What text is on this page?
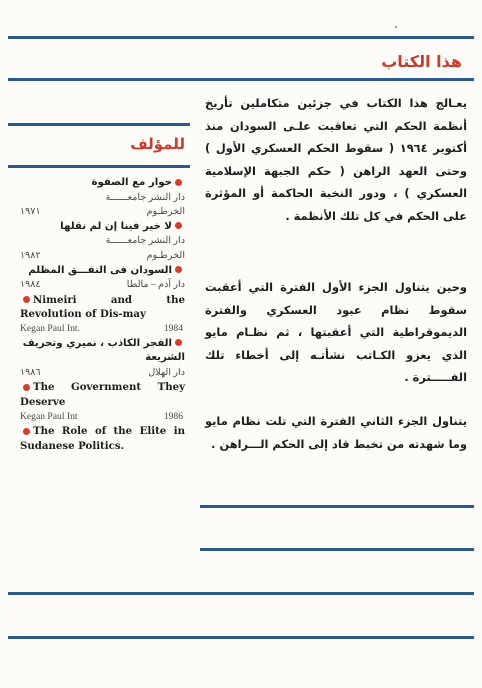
هذا الكتاب

يعـالج هذا الكتاب في جزئين متكاملين تأريخ أنظمة الحكم التي تعاقبت علـى السودان منذ أكتوبر ١٩٦٤ ( سقوط الحكم العسكري الأول ) وحتى العهد الراهن ( حكم الجبهة الإسلامية العسكري ) ، ودور النخبة الحاكمة أو المؤثرة على الحكم في كل تلك الأنظمة .

وحين يتناول الجزء الأول الفترة التي أعقبت سقوط نظام عبود العسكري والفترة الديموقراطية التي أعقبتها ، ثم نظـام مايو الذي يعزو الكـاتب نشأتـه إلى أخطاء تلك الفـــــترة .

يتناول الجزء الثاني الفترة التي تلت نظام مايو وما شهدته من تخبط قاد إلى الحكم الـــراهن .

للمؤلف
حوار مع الصفوة
دار النشر جامعــــــة
الخرطـوم
١٩٧١
لا خير فينا إن لم نقلها
دار النشر جامعــــــة
الخرطـوم
١٩٨٢
السودان فى النفـــق المظلم
دار آدم – مالطا
١٩٨٤
Nimeiri and the Revolution of Dis-may
Kegan Paul Int.	1984
الفجر الكاذب ، نميري وتحريف الشريعة
دار الهلال
١٩٨٦
The Government They Deserve
Kegan Paul Int	1986
The Role of the Elite in Sudanese Politics.
